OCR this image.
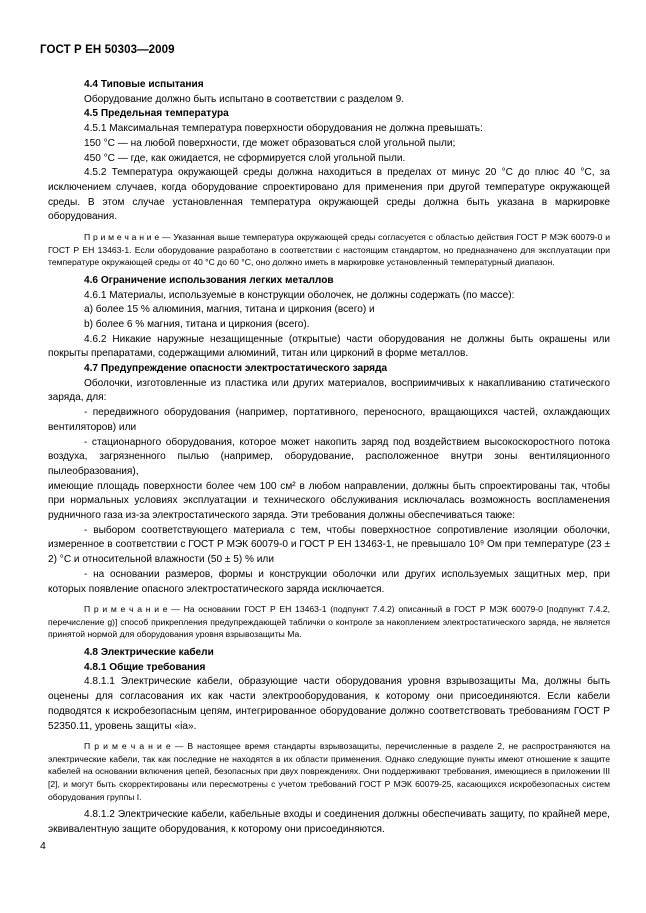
ГОСТ Р ЕН 50303—2009

4.4 Типовые испытания

Оборудование должно быть испытано в соответствии с разделом 9.

4.5 Предельная температура

4.5.1 Максимальная температура поверхности оборудования не должна превышать:

150 °С — на любой поверхности, где может образоваться слой угольной пыли;

450 °С — где, как ожидается, не сформируется слой угольной пыли.

4.5.2 Температура окружающей среды должна находиться в пределах от минус 20 °С до плюс 40 °С, за исключением случаев, когда оборудование спроектировано для применения при другой температуре окружающей среды. В этом случае установленная температура окружающей среды должна быть указана в маркировке оборудования.

П р и м е ч а н и е — Указанная выше температура окружающей среды согласуется с областью действия ГОСТ Р МЭК 60079-0 и ГОСТ Р ЕН 13463-1. Если оборудование разработано в соответствии с настоящим стандартом, но предназначено для эксплуатации при температуре окружающей среды от 40 °С до 60 °С, оно должно иметь в маркировке установленный температурный диапазон.

4.6 Ограничение использования легких металлов

4.6.1 Материалы, используемые в конструкции оболочек, не должны содержать (по массе):

a) более 15 % алюминия, магния, титана и циркония (всего) и

b) более 6 % магния, титана и циркония (всего).

4.6.2 Никакие наружные незащищенные (открытые) части оборудования не должны быть окрашены или покрыты препаратами, содержащими алюминий, титан или цирконий в форме металлов.

4.7 Предупреждение опасности электростатического заряда

Оболочки, изготовленные из пластика или других материалов, восприимчивых к накапливанию статического заряда, для:

- передвижного оборудования (например, портативного, переносного, вращающихся частей, охлаждающих вентиляторов) или

- стационарного оборудования, которое может накопить заряд под воздействием высокоскоростного потока воздуха, загрязненного пылью (например, оборудование, расположенное внутри зоны вентиляционного пылеобразования),

имеющие площадь поверхности более чем 100 см² в любом направлении, должны быть спроектированы так, чтобы при нормальных условиях эксплуатации и технического обслуживания исключалась возможность воспламенения рудничного газа из-за электростатического заряда. Эти требования должны обеспечиваться также:

- выбором соответствующего материала с тем, чтобы поверхностное сопротивление изоляции оболочки, измеренное в соответствии с ГОСТ Р МЭК 60079-0 и ГОСТ Р ЕН 13463-1, не превышало 10⁹ Ом при температуре (23 ± 2) °С и относительной влажности (50 ± 5) % или

- на основании размеров, формы и конструкции оболочки или других используемых защитных мер, при которых появление опасного электростатического заряда исключается.

П р и м е ч а н и е — На основании ГОСТ Р ЕН 13463-1 (подпункт 7.4.2) описанный в ГОСТ Р МЭК 60079-0 [подпункт 7.4.2, перечисление g)] способ прикрепления предупреждающей таблички о контроле за накоплением электростатического заряда, не является принятой нормой для оборудования уровня взрывозащиты Ма.

4.8 Электрические кабели

4.8.1 Общие требования

4.8.1.1 Электрические кабели, образующие части оборудования уровня взрывозащиты Ма, должны быть оценены для согласования их как части электрооборудования, к которому они присоединяются. Если кабели подводятся к искробезопасным цепям, интегрированное оборудование должно соответствовать требованиям ГОСТ Р 52350.11, уровень защиты «ia».

П р и м е ч а н и е — В настоящее время стандарты взрывозащиты, перечисленные в разделе 2, не распространяются на электрические кабели, так как последние не находятся в их области применения. Однако следующие пункты имеют отношение к защите кабелей на основании включения цепей, безопасных при двух повреждениях. Они поддерживают требования, имеющиеся в приложении III [2], и могут быть скорректированы или пересмотрены с учетом требований ГОСТ Р МЭК 60079-25, касающихся искробезопасных систем оборудования группы I.

4.8.1.2 Электрические кабели, кабельные входы и соединения должны обеспечивать защиту, по крайней мере, эквивалентную защите оборудования, к которому они присоединяются.

4
